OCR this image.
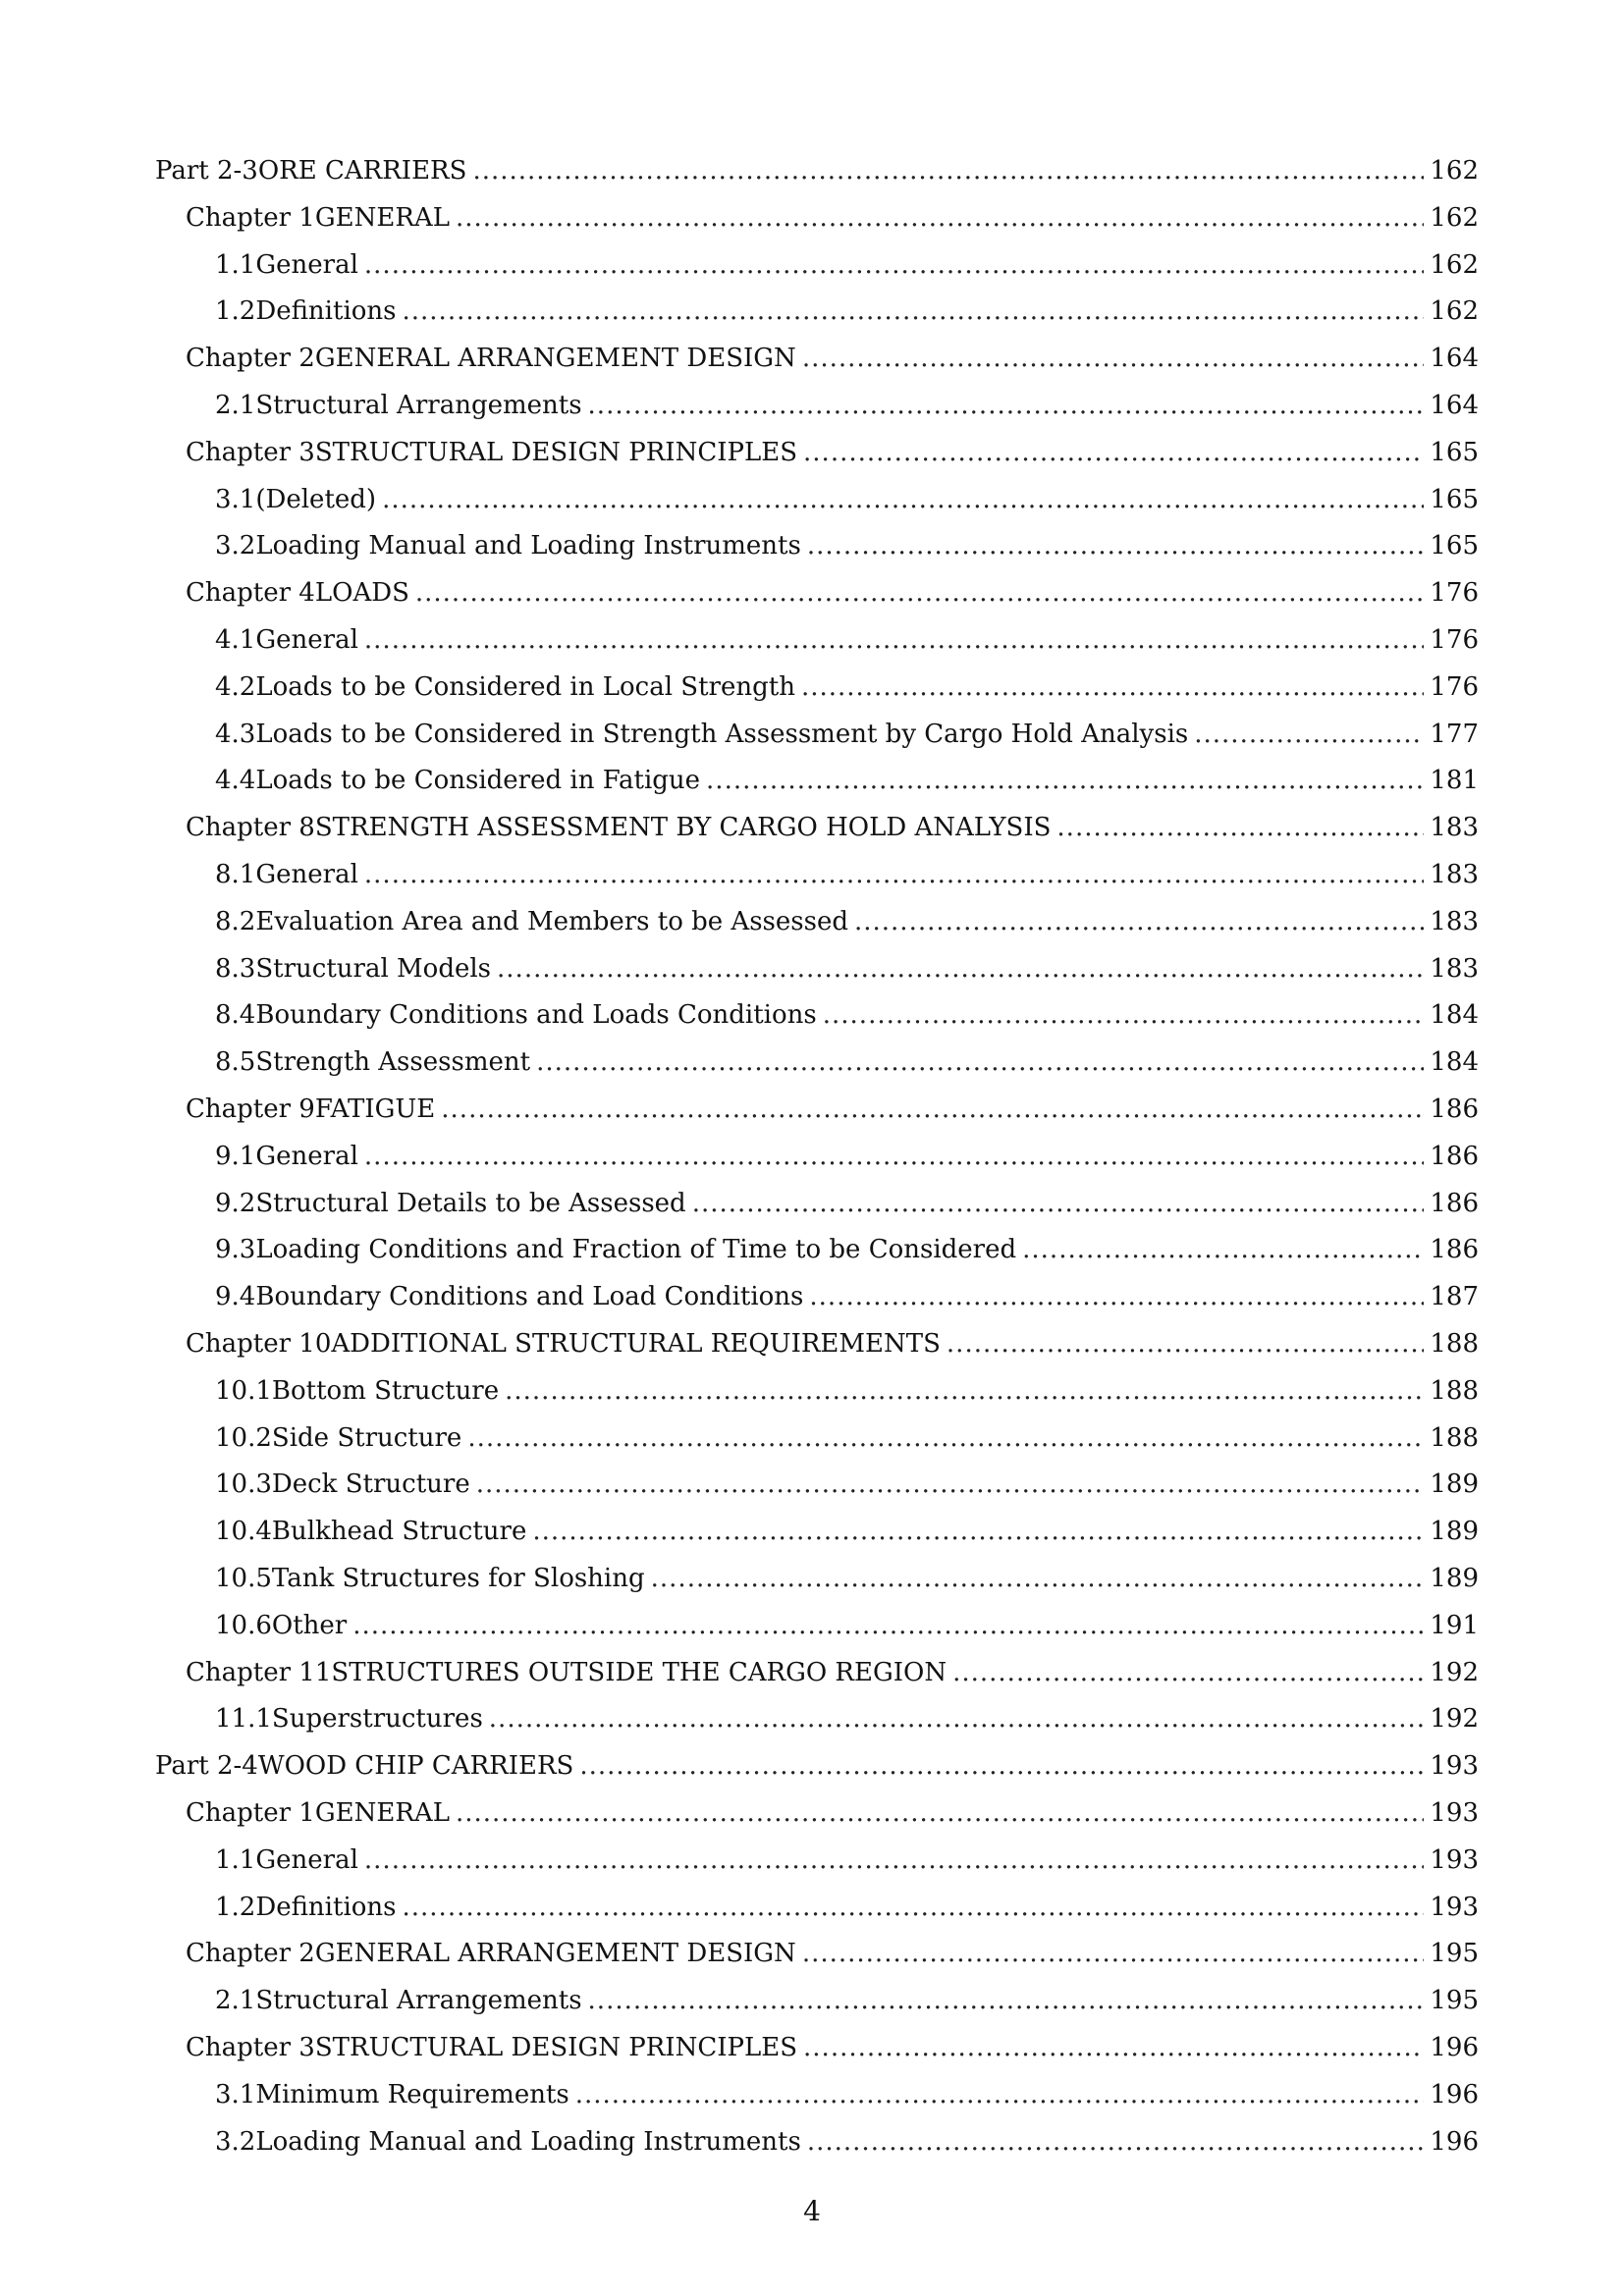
Part 2-3 ORE CARRIERS .....	162
Chapter 1 GENERAL .....	162
1.1 General .....	162
1.2 Definitions .....	162
Chapter 2 GENERAL ARRANGEMENT DESIGN .....	164
2.1 Structural Arrangements .....	164
Chapter 3 STRUCTURAL DESIGN PRINCIPLES .....	165
3.1 (Deleted) .....	165
3.2 Loading Manual and Loading Instruments .....	165
Chapter 4 LOADS .....	176
4.1 General .....	176
4.2 Loads to be Considered in Local Strength .....	176
4.3 Loads to be Considered in Strength Assessment by Cargo Hold Analysis .....	177
4.4 Loads to be Considered in Fatigue .....	181
Chapter 8 STRENGTH ASSESSMENT BY CARGO HOLD ANALYSIS .....	183
8.1 General .....	183
8.2 Evaluation Area and Members to be Assessed .....	183
8.3 Structural Models .....	183
8.4 Boundary Conditions and Loads Conditions .....	184
8.5 Strength Assessment .....	184
Chapter 9 FATIGUE .....	186
9.1 General .....	186
9.2 Structural Details to be Assessed .....	186
9.3 Loading Conditions and Fraction of Time to be Considered .....	186
9.4 Boundary Conditions and Load Conditions .....	187
Chapter 10 ADDITIONAL STRUCTURAL REQUIREMENTS .....	188
10.1 Bottom Structure .....	188
10.2 Side Structure .....	188
10.3 Deck Structure .....	189
10.4 Bulkhead Structure .....	189
10.5 Tank Structures for Sloshing .....	189
10.6 Other .....	191
Chapter 11 STRUCTURES OUTSIDE THE CARGO REGION .....	192
11.1 Superstructures .....	192
Part 2-4 WOOD CHIP CARRIERS .....	193
Chapter 1 GENERAL .....	193
1.1 General .....	193
1.2 Definitions .....	193
Chapter 2 GENERAL ARRANGEMENT DESIGN .....	195
2.1 Structural Arrangements .....	195
Chapter 3 STRUCTURAL DESIGN PRINCIPLES .....	196
3.1 Minimum Requirements .....	196
3.2 Loading Manual and Loading Instruments .....	196
4
